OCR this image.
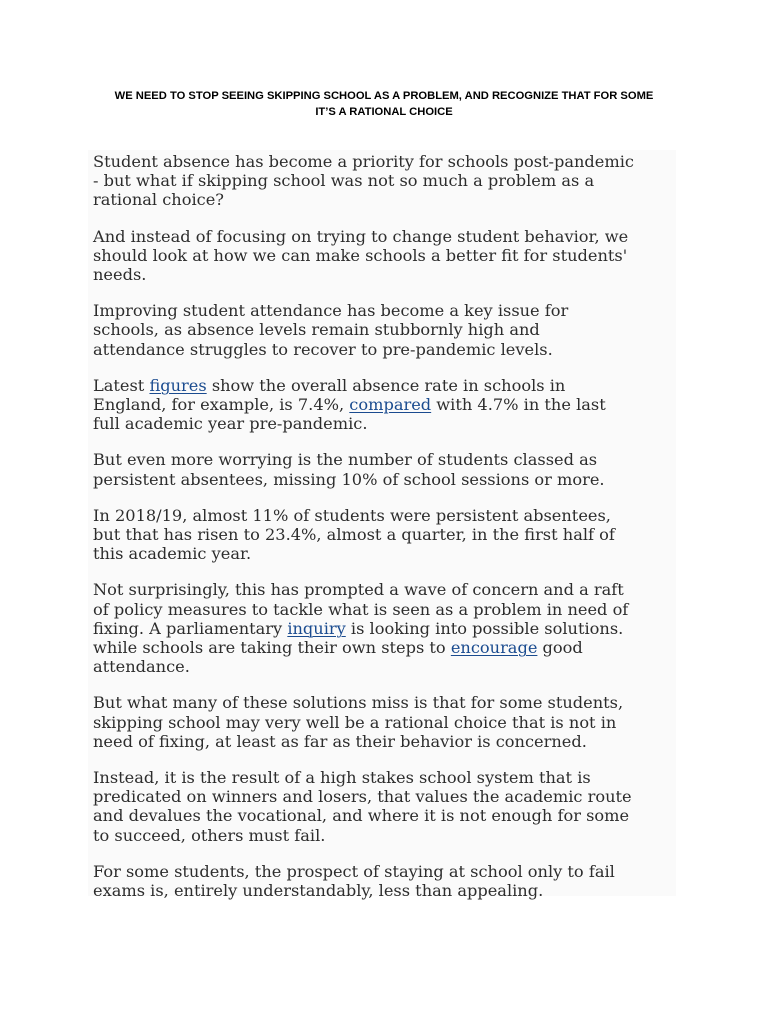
WE NEED TO STOP SEEING SKIPPING SCHOOL AS A PROBLEM, AND RECOGNIZE THAT FOR SOME
IT’S A RATIONAL CHOICE

Student absence has become a priority for schools post-pandemic
- but what if skipping school was not so much a problem as a
rational choice?

And instead of focusing on trying to change student behavior, we
should look at how we can make schools a better fit for students'
needs.

Improving student attendance has become a key issue for
schools, as absence levels remain stubbornly high and
attendance struggles to recover to pre-pandemic levels.

Latest figures show the overall absence rate in schools in
England, for example, is 7.4%, compared with 4.7% in the last
full academic year pre-pandemic.

But even more worrying is the number of students classed as
persistent absentees, missing 10% of school sessions or more.

In 2018/19, almost 11% of students were persistent absentees,
but that has risen to 23.4%, almost a quarter, in the first half of
this academic year.

Not surprisingly, this has prompted a wave of concern and a raft
of policy measures to tackle what is seen as a problem in need of
fixing. A parliamentary inquiry is looking into possible solutions.
while schools are taking their own steps to encourage good
attendance.

But what many of these solutions miss is that for some students,
skipping school may very well be a rational choice that is not in
need of fixing, at least as far as their behavior is concerned.

Instead, it is the result of a high stakes school system that is
predicated on winners and losers, that values the academic route
and devalues the vocational, and where it is not enough for some
to succeed, others must fail.

For some students, the prospect of staying at school only to fail
exams is, entirely understandably, less than appealing.
